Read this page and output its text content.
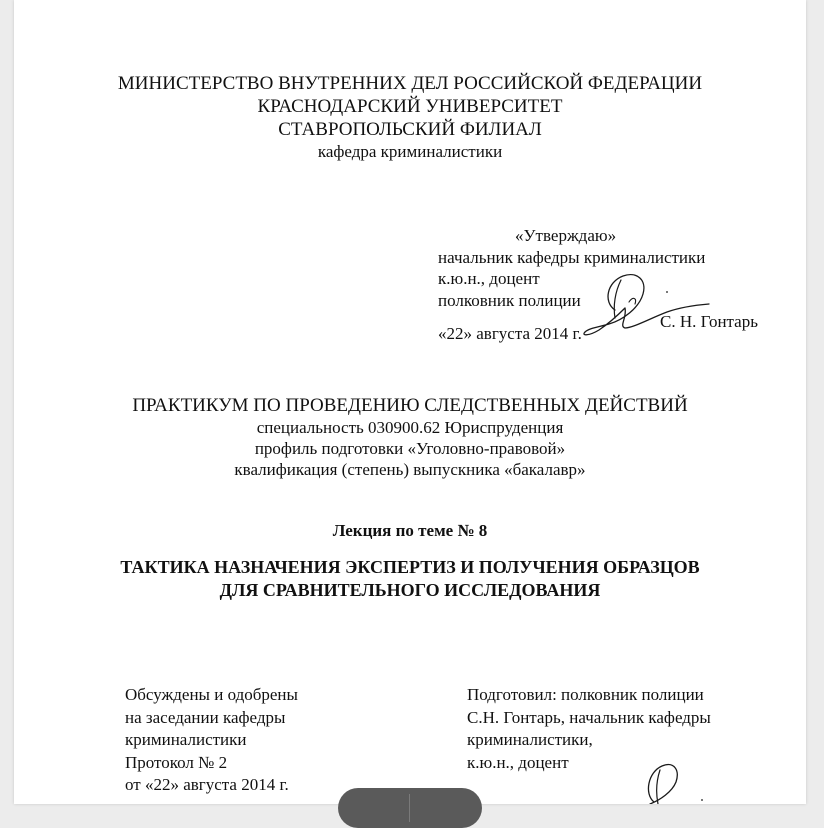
МИНИСТЕРСТВО ВНУТРЕННИХ ДЕЛ РОССИЙСКОЙ ФЕДЕРАЦИИ
КРАСНОДАРСКИЙ УНИВЕРСИТЕТ
СТАВРОПОЛЬСКИЙ ФИЛИАЛ
кафедра криминалистики
«Утверждаю»
начальник кафедры криминалистики
к.ю.н., доцент
полковник полиции
С. Н. Гонтарь
«22» августа 2014 г.
ПРАКТИКУМ ПО ПРОВЕДЕНИЮ СЛЕДСТВЕННЫХ ДЕЙСТВИЙ
специальность 030900.62 Юриспруденция
профиль подготовки «Уголовно-правовой»
квалификация (степень) выпускника «бакалавр»
Лекция по теме № 8
ТАКТИКА НАЗНАЧЕНИЯ ЭКСПЕРТИЗ И ПОЛУЧЕНИЯ ОБРАЗЦОВ
ДЛЯ СРАВНИТЕЛЬНОГО ИССЛЕДОВАНИЯ
Обсуждены и одобрены
на заседании кафедры
криминалистики
Протокол № 2
от «22» августа 2014 г.
Подготовил: полковник полиции
С.Н. Гонтарь, начальник кафедры
криминалистики,
к.ю.н., доцент
